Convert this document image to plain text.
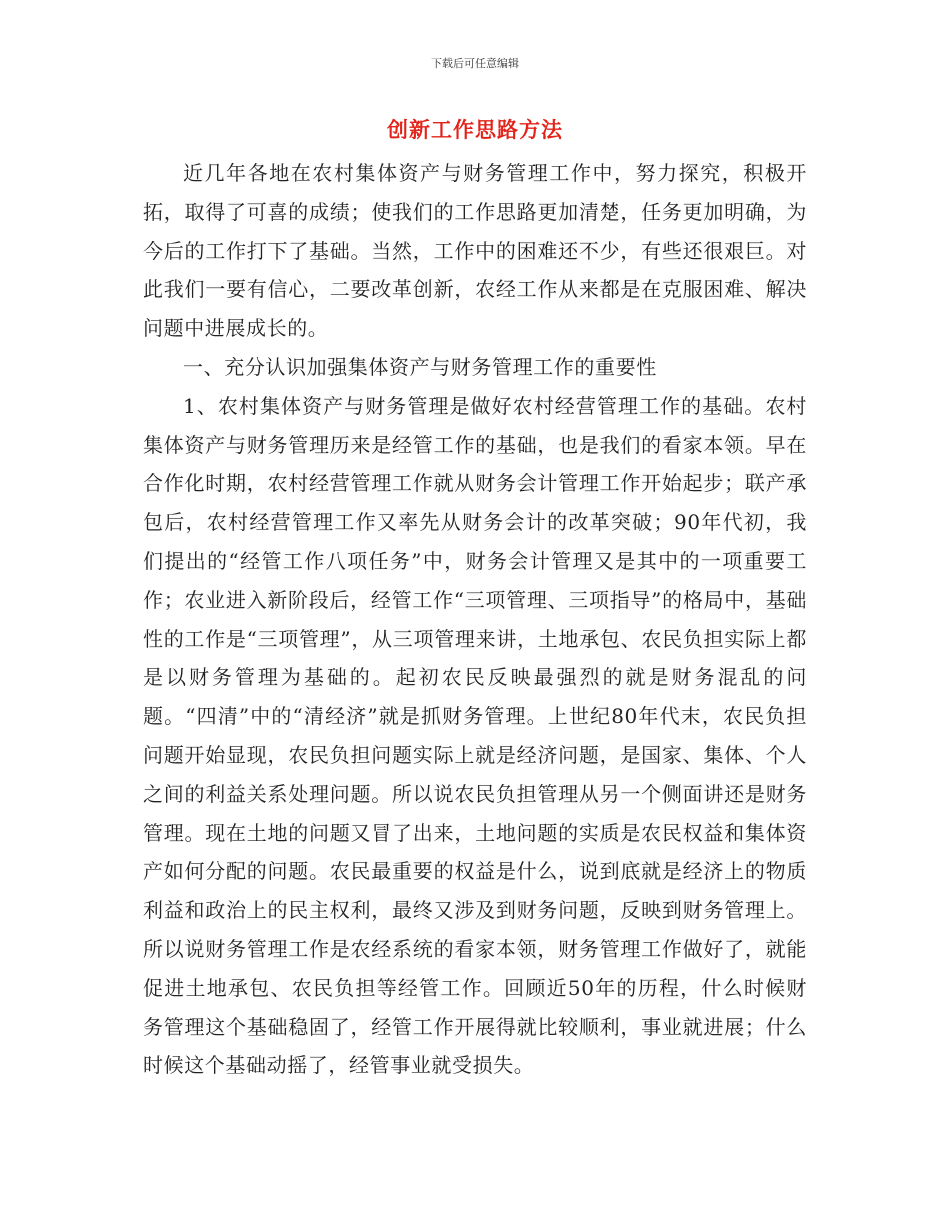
下载后可任意编辑
创新工作思路方法

近几年各地在农村集体资产与财务管理工作中，努力探究，积极开拓，取得了可喜的成绩；使我们的工作思路更加清楚，任务更加明确，为今后的工作打下了基础。当然，工作中的困难还不少，有些还很艰巨。对此我们一要有信心，二要改革创新，农经工作从来都是在克服困难、解决问题中进展成长的。

一、充分认识加强集体资产与财务管理工作的重要性

1、农村集体资产与财务管理是做好农村经营管理工作的基础。农村集体资产与财务管理历来是经管工作的基础，也是我们的看家本领。早在合作化时期，农村经营管理工作就从财务会计管理工作开始起步；联产承包后，农村经营管理工作又率先从财务会计的改革突破；90年代初，我们提出的“经管工作八项任务”中，财务会计管理又是其中的一项重要工作；农业进入新阶段后，经管工作“三项管理、三项指导”的格局中，基础性的工作是“三项管理”，从三项管理来讲，土地承包、农民负担实际上都是以财务管理为基础的。起初农民反映最强烈的就是财务混乱的问题。“四清”中的“清经济”就是抓财务管理。上世纪80年代末，农民负担问题开始显现，农民负担问题实际上就是经济问题，是国家、集体、个人之间的利益关系处理问题。所以说农民负担管理从另一个侧面讲还是财务管理。现在土地的问题又冒了出来，土地问题的实质是农民权益和集体资产如何分配的问题。农民最重要的权益是什么，说到底就是经济上的物质利益和政治上的民主权利，最终又涉及到财务问题，反映到财务管理上。所以说财务管理工作是农经系统的看家本领，财务管理工作做好了，就能促进土地承包、农民负担等经管工作。回顾近50年的历程，什么时候财务管理这个基础稳固了，经管工作开展得就比较顺利，事业就进展；什么时候这个基础动摇了，经管事业就受损失。
